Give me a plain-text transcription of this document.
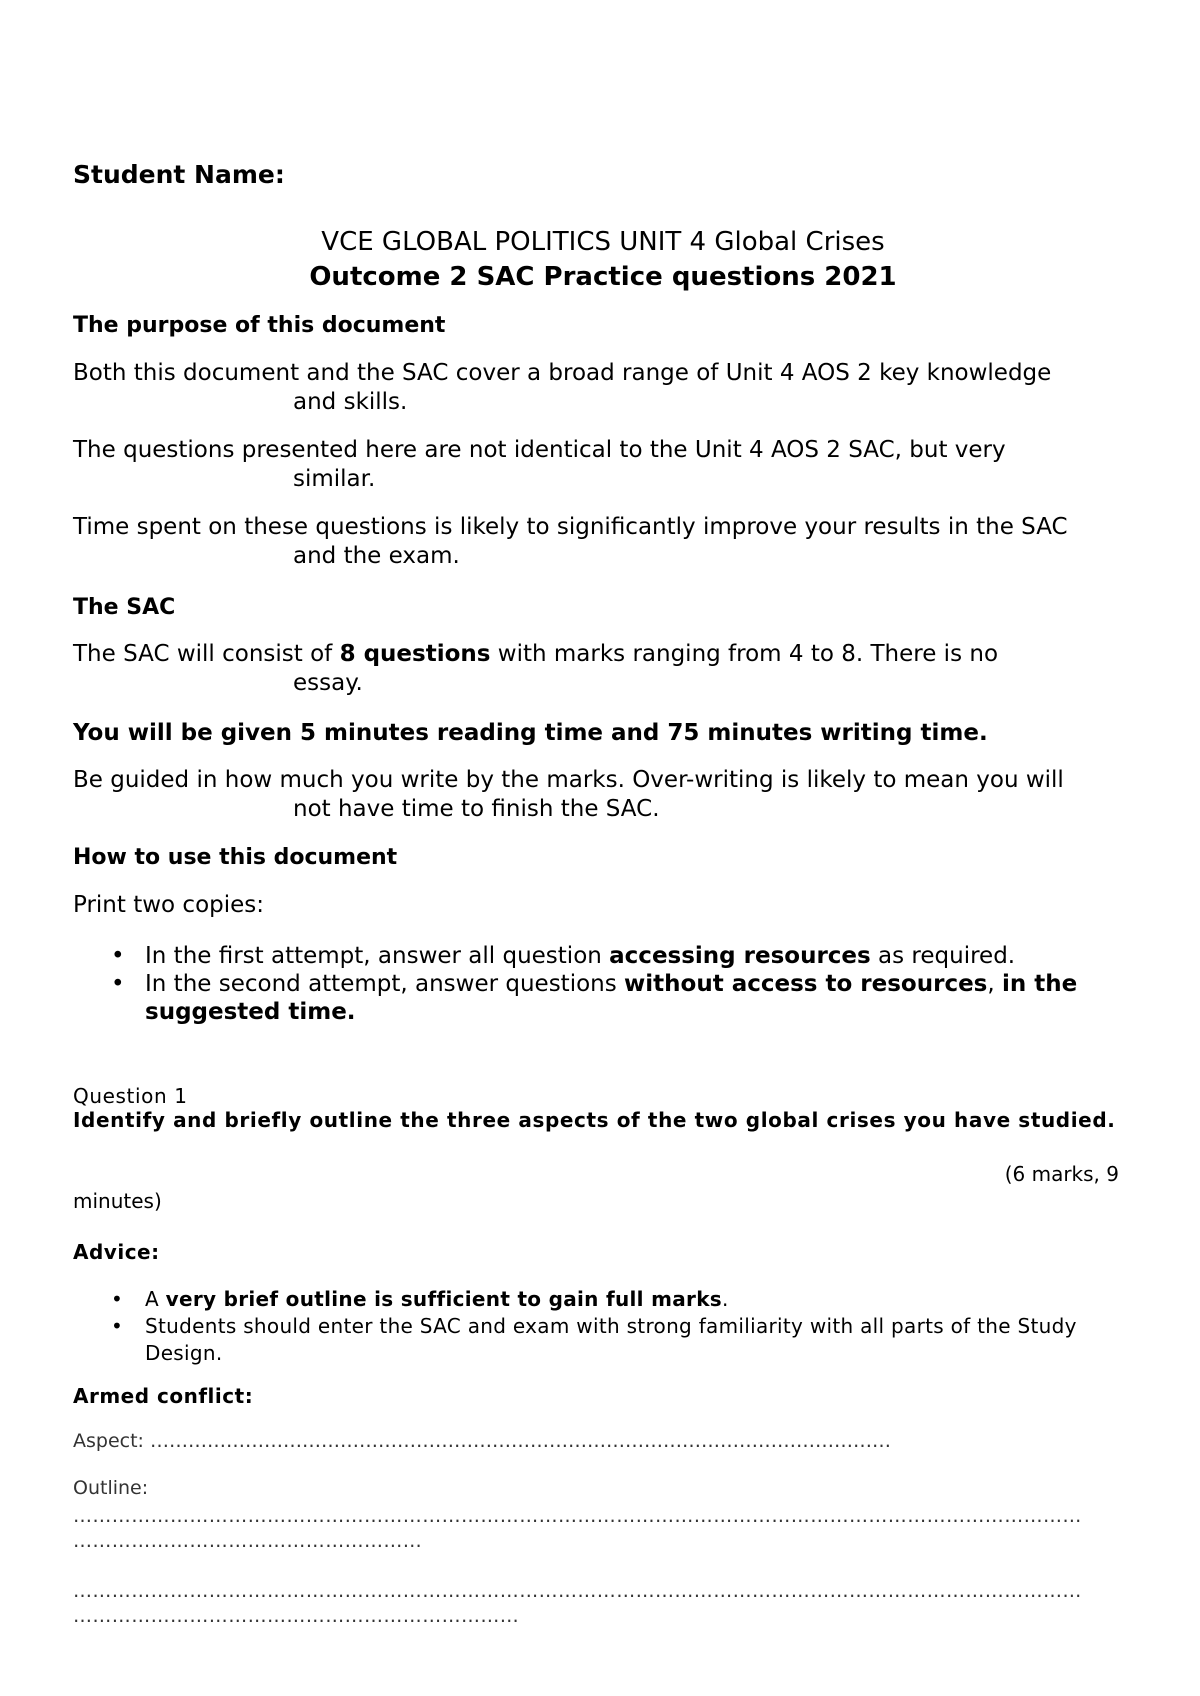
Student Name:
VCE GLOBAL POLITICS UNIT 4 Global Crises
Outcome 2 SAC Practice questions 2021
The purpose of this document
Both this document and the SAC cover a broad range of Unit 4 AOS 2 key knowledge
and skills.
The questions presented here are not identical to the Unit 4 AOS 2 SAC, but very
similar.
Time spent on these questions is likely to significantly improve your results in the SAC
and the exam.
The SAC
The SAC will consist of 8 questions with marks ranging from 4 to 8. There is no
essay.
You will be given 5 minutes reading time and 75 minutes writing time.
Be guided in how much you write by the marks. Over-writing is likely to mean you will
not have time to finish the SAC.
How to use this document
Print two copies:
• In the first attempt, answer all question accessing resources as required.
• In the second attempt, answer questions without access to resources, in the suggested time.
Question 1
Identify and briefly outline the three aspects of the two global crises you have studied.
(6 marks, 9
minutes)
Advice:
• A very brief outline is sufficient to gain full marks.
• Students should enter the SAC and exam with strong familiarity with all parts of the Study Design.
Armed conflict:
Aspect: ………………………………………………………………………………………………………
Outline:
…………………………………………………………………………………………………………………………………………
………………………………………………
…………………………………………………………………………………………………………………………………………
……………………………………………………………
